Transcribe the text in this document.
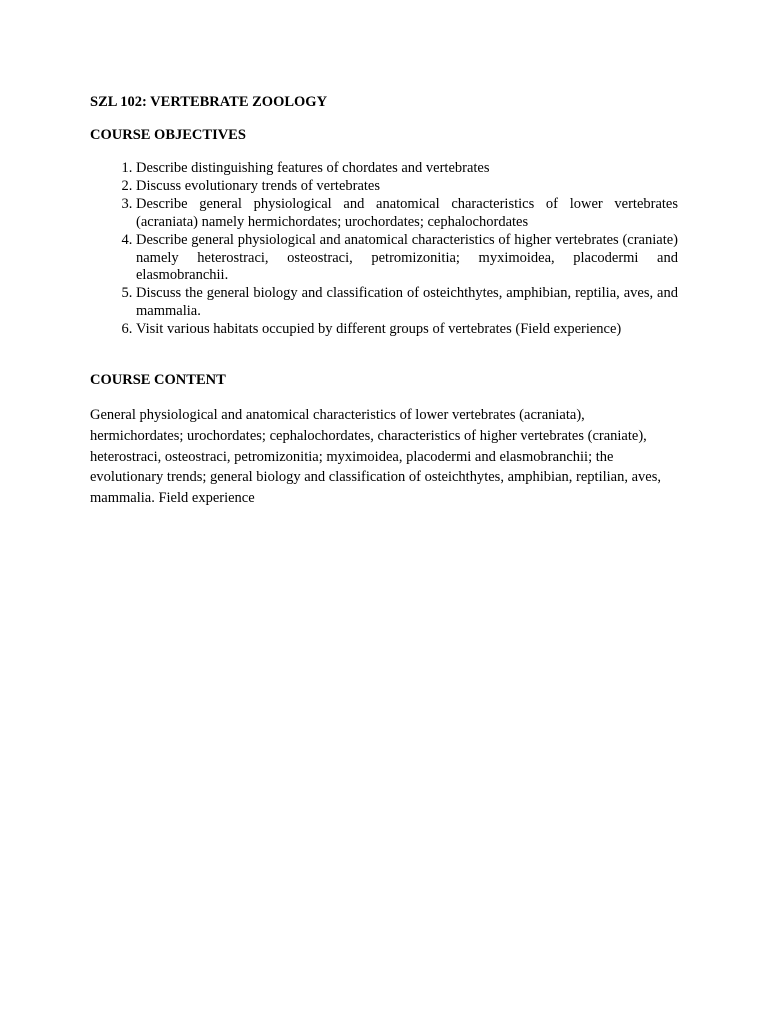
SZL 102: VERTEBRATE ZOOLOGY

COURSE OBJECTIVES

1. Describe distinguishing features of chordates and vertebrates
2. Discuss evolutionary trends of vertebrates
3. Describe general physiological and anatomical characteristics of lower vertebrates (acraniata) namely hermichordates; urochordates; cephalochordates
4. Describe general physiological and anatomical characteristics of higher vertebrates (craniate) namely heterostraci, osteostraci, petromizonitia; myximoidea, placodermi and elasmobranchii.
5. Discuss the general biology and classification of osteichthytes, amphibian, reptilia, aves, and mammalia.
6. Visit various habitats occupied by different groups of vertebrates (Field experience)

COURSE CONTENT

General physiological and anatomical characteristics of lower vertebrates (acraniata), hermichordates; urochordates; cephalochordates, characteristics of higher vertebrates (craniate), heterostraci, osteostraci, petromizonitia; myximoidea, placodermi and elasmobranchii; the evolutionary trends; general biology and classification of osteichthytes, amphibian, reptilian, aves, mammalia. Field experience
